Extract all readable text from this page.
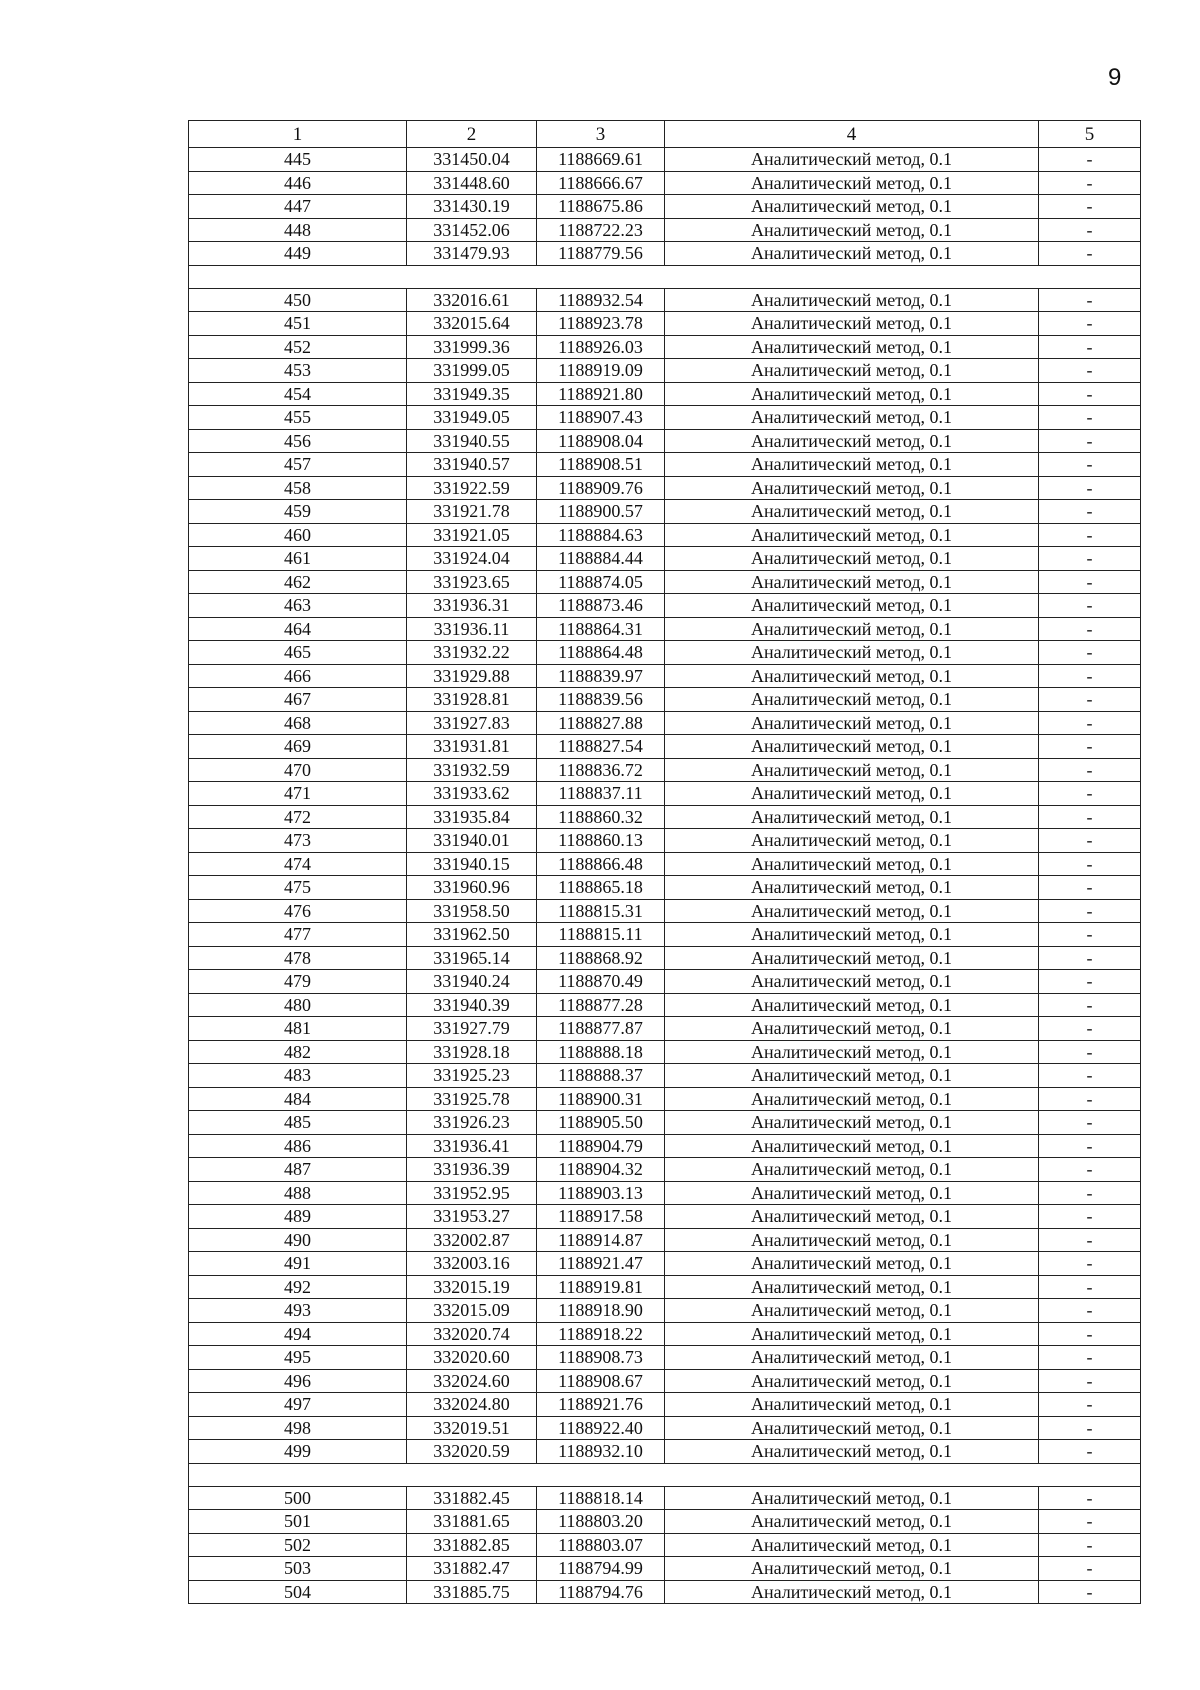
9
1	2	3	4	5
445	331450.04	1188669.61	Аналитический метод, 0.1	-
446	331448.60	1188666.67	Аналитический метод, 0.1	-
447	331430.19	1188675.86	Аналитический метод, 0.1	-
448	331452.06	1188722.23	Аналитический метод, 0.1	-
449	331479.93	1188779.56	Аналитический метод, 0.1	-

450	332016.61	1188932.54	Аналитический метод, 0.1	-
451	332015.64	1188923.78	Аналитический метод, 0.1	-
452	331999.36	1188926.03	Аналитический метод, 0.1	-
453	331999.05	1188919.09	Аналитический метод, 0.1	-
454	331949.35	1188921.80	Аналитический метод, 0.1	-
455	331949.05	1188907.43	Аналитический метод, 0.1	-
456	331940.55	1188908.04	Аналитический метод, 0.1	-
457	331940.57	1188908.51	Аналитический метод, 0.1	-
458	331922.59	1188909.76	Аналитический метод, 0.1	-
459	331921.78	1188900.57	Аналитический метод, 0.1	-
460	331921.05	1188884.63	Аналитический метод, 0.1	-
461	331924.04	1188884.44	Аналитический метод, 0.1	-
462	331923.65	1188874.05	Аналитический метод, 0.1	-
463	331936.31	1188873.46	Аналитический метод, 0.1	-
464	331936.11	1188864.31	Аналитический метод, 0.1	-
465	331932.22	1188864.48	Аналитический метод, 0.1	-
466	331929.88	1188839.97	Аналитический метод, 0.1	-
467	331928.81	1188839.56	Аналитический метод, 0.1	-
468	331927.83	1188827.88	Аналитический метод, 0.1	-
469	331931.81	1188827.54	Аналитический метод, 0.1	-
470	331932.59	1188836.72	Аналитический метод, 0.1	-
471	331933.62	1188837.11	Аналитический метод, 0.1	-
472	331935.84	1188860.32	Аналитический метод, 0.1	-
473	331940.01	1188860.13	Аналитический метод, 0.1	-
474	331940.15	1188866.48	Аналитический метод, 0.1	-
475	331960.96	1188865.18	Аналитический метод, 0.1	-
476	331958.50	1188815.31	Аналитический метод, 0.1	-
477	331962.50	1188815.11	Аналитический метод, 0.1	-
478	331965.14	1188868.92	Аналитический метод, 0.1	-
479	331940.24	1188870.49	Аналитический метод, 0.1	-
480	331940.39	1188877.28	Аналитический метод, 0.1	-
481	331927.79	1188877.87	Аналитический метод, 0.1	-
482	331928.18	1188888.18	Аналитический метод, 0.1	-
483	331925.23	1188888.37	Аналитический метод, 0.1	-
484	331925.78	1188900.31	Аналитический метод, 0.1	-
485	331926.23	1188905.50	Аналитический метод, 0.1	-
486	331936.41	1188904.79	Аналитический метод, 0.1	-
487	331936.39	1188904.32	Аналитический метод, 0.1	-
488	331952.95	1188903.13	Аналитический метод, 0.1	-
489	331953.27	1188917.58	Аналитический метод, 0.1	-
490	332002.87	1188914.87	Аналитический метод, 0.1	-
491	332003.16	1188921.47	Аналитический метод, 0.1	-
492	332015.19	1188919.81	Аналитический метод, 0.1	-
493	332015.09	1188918.90	Аналитический метод, 0.1	-
494	332020.74	1188918.22	Аналитический метод, 0.1	-
495	332020.60	1188908.73	Аналитический метод, 0.1	-
496	332024.60	1188908.67	Аналитический метод, 0.1	-
497	332024.80	1188921.76	Аналитический метод, 0.1	-
498	332019.51	1188922.40	Аналитический метод, 0.1	-
499	332020.59	1188932.10	Аналитический метод, 0.1	-

500	331882.45	1188818.14	Аналитический метод, 0.1	-
501	331881.65	1188803.20	Аналитический метод, 0.1	-
502	331882.85	1188803.07	Аналитический метод, 0.1	-
503	331882.47	1188794.99	Аналитический метод, 0.1	-
504	331885.75	1188794.76	Аналитический метод, 0.1	-
